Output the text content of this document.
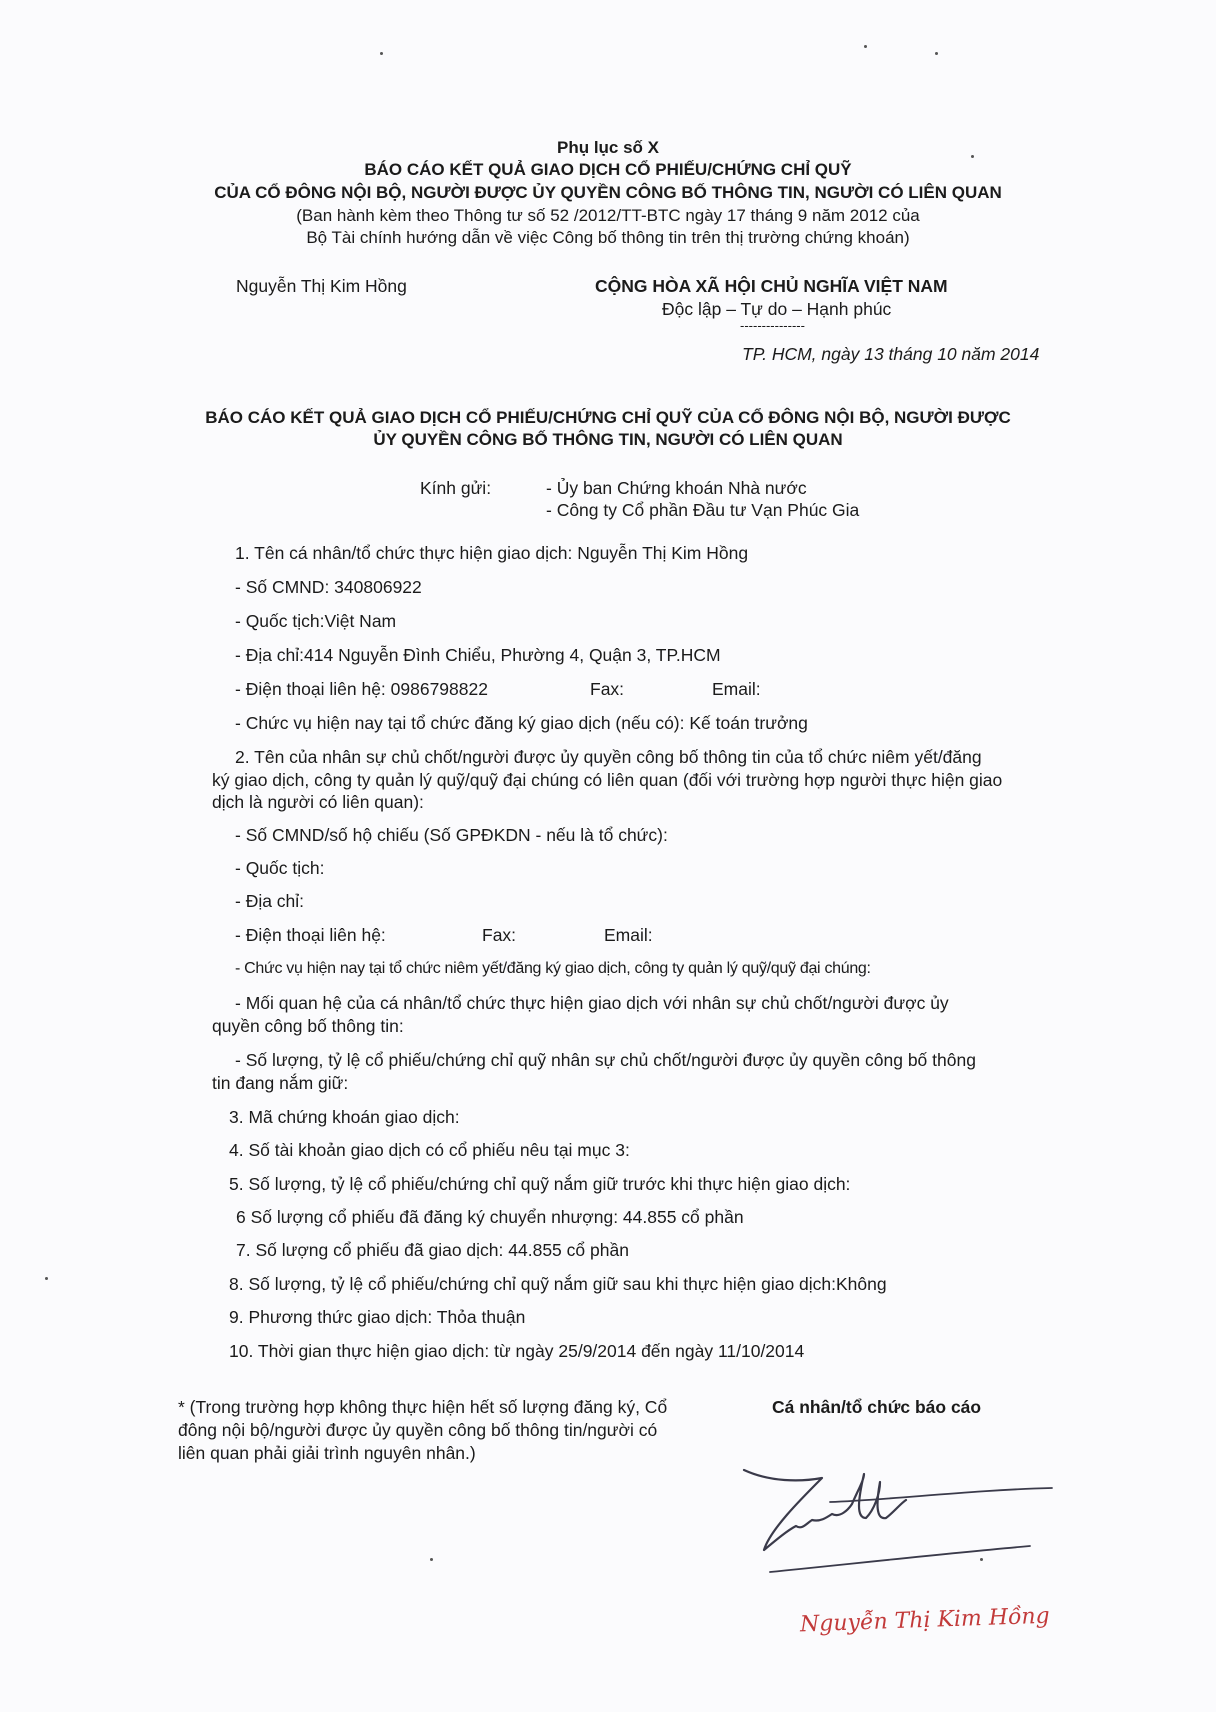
Phụ lục số X
BÁO CÁO KẾT QUẢ GIAO DỊCH CỔ PHIẾU/CHỨNG CHỈ QUỸ
CỦA CỔ ĐÔNG NỘI BỘ, NGƯỜI ĐƯỢC ỦY QUYỀN CÔNG BỐ THÔNG TIN, NGƯỜI CÓ LIÊN QUAN
(Ban hành kèm theo Thông tư số 52 /2012/TT-BTC ngày 17 tháng 9 năm 2012 của
Bộ Tài chính hướng dẫn về việc Công bố thông tin trên thị trường chứng khoán)
Nguyễn Thị Kim Hồng	CỘNG HÒA XÃ HỘI CHỦ NGHĨA VIỆT NAM
Độc lập – Tự do – Hạnh phúc
---------------
TP. HCM, ngày 13 tháng 10 năm 2014
BÁO CÁO KẾT QUẢ GIAO DỊCH CỔ PHIẾU/CHỨNG CHỈ QUỸ CỦA CỔ ĐÔNG NỘI BỘ, NGƯỜI ĐƯỢC
ỦY QUYỀN CÔNG BỐ THÔNG TIN, NGƯỜI CÓ LIÊN QUAN
Kính gửi:	- Ủy ban Chứng khoán Nhà nước
- Công ty Cổ phần Đầu tư Vạn Phúc Gia
1. Tên cá nhân/tổ chức thực hiện giao dịch: Nguyễn Thị Kim Hồng
- Số CMND: 340806922
- Quốc tịch:Việt Nam
- Địa chỉ:414 Nguyễn Đình Chiểu, Phường 4, Quận 3, TP.HCM
- Điện thoại liên hệ: 0986798822	Fax:	Email:
- Chức vụ hiện nay tại tổ chức đăng ký giao dịch (nếu có): Kế toán trưởng
2. Tên của nhân sự chủ chốt/người được ủy quyền công bố thông tin của tổ chức niêm yết/đăng
ký giao dịch, công ty quản lý quỹ/quỹ đại chúng có liên quan (đối với trường hợp người thực hiện giao
dịch là người có liên quan):
- Số CMND/số hộ chiếu (Số GPĐKDN - nếu là tổ chức):
- Quốc tịch:
- Địa chỉ:
- Điện thoại liên hệ:	Fax:	Email:
- Chức vụ hiện nay tại tổ chức niêm yết/đăng ký giao dịch, công ty quản lý quỹ/quỹ đại chúng:
- Mối quan hệ của cá nhân/tổ chức thực hiện giao dịch với nhân sự chủ chốt/người được ủy
quyền công bố thông tin:
- Số lượng, tỷ lệ cổ phiếu/chứng chỉ quỹ nhân sự chủ chốt/người được ủy quyền công bố thông
tin đang nắm giữ:
3. Mã chứng khoán giao dịch:
4. Số tài khoản giao dịch có cổ phiếu nêu tại mục 3:
5. Số lượng, tỷ lệ cổ phiếu/chứng chỉ quỹ nắm giữ trước khi thực hiện giao dịch:
6 Số lượng cổ phiếu đã đăng ký chuyển nhượng: 44.855 cổ phần
7. Số lượng cổ phiếu đã giao dịch: 44.855 cổ phần
8. Số lượng, tỷ lệ cổ phiếu/chứng chỉ quỹ nắm giữ sau khi thực hiện giao dịch:Không
9. Phương thức giao dịch: Thỏa thuận
10. Thời gian thực hiện giao dịch: từ ngày 25/9/2014 đến ngày 11/10/2014
* (Trong trường hợp không thực hiện hết số lượng đăng ký, Cổ
đông nội bộ/người được ủy quyền công bố thông tin/người có
liên quan phải giải trình nguyên nhân.)
Cá nhân/tổ chức báo cáo
Nguyễn Thị Kim Hồng
